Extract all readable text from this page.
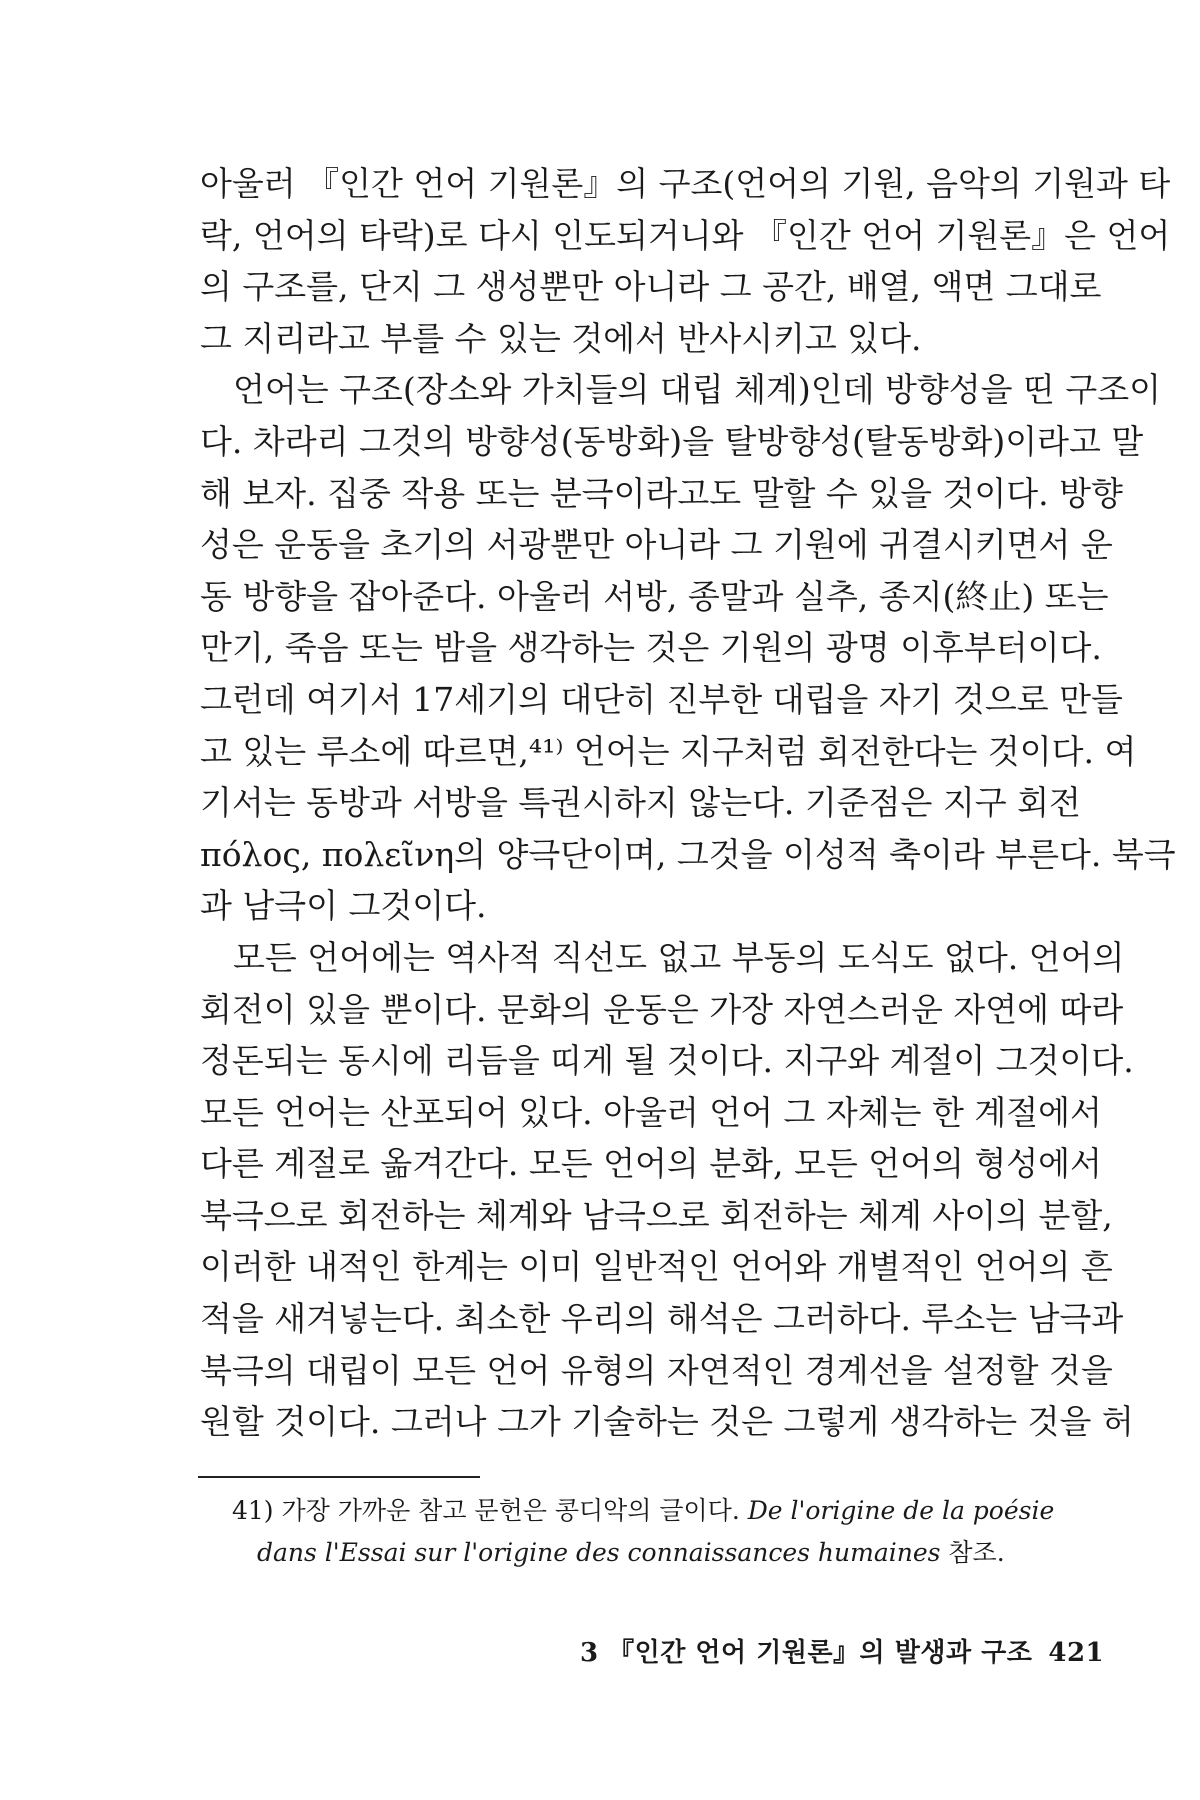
아울러 『인간 언어 기원론』의 구조(언어의 기원, 음악의 기원과 타
락, 언어의 타락)로 다시 인도되거니와 『인간 언어 기원론』은 언어
의 구조를, 단지 그 생성뿐만 아니라 그 공간, 배열, 액면 그대로
그 지리라고 부를 수 있는 것에서 반사시키고 있다.

언어는 구조(장소와 가치들의 대립 체계)인데 방향성을 띤 구조이
다. 차라리 그것의 방향성(동방화)을 탈방향성(탈동방화)이라고 말
해 보자. 집중 작용 또는 분극이라고도 말할 수 있을 것이다. 방향
성은 운동을 초기의 서광뿐만 아니라 그 기원에 귀결시키면서 운
동 방향을 잡아준다. 아울러 서방, 종말과 실추, 종지(終止) 또는
만기, 죽음 또는 밤을 생각하는 것은 기원의 광명 이후부터이다.
그런데 여기서 17세기의 대단히 진부한 대립을 자기 것으로 만들
고 있는 루소에 따르면,⁴¹⁾ 언어는 지구처럼 회전한다는 것이다. 여
기서는 동방과 서방을 특권시하지 않는다. 기준점은 지구 회전
πόλος, πολεῖνη의 양극단이며, 그것을 이성적 축이라 부른다. 북극
과 남극이 그것이다.

모든 언어에는 역사적 직선도 없고 부동의 도식도 없다. 언어의
회전이 있을 뿐이다. 문화의 운동은 가장 자연스러운 자연에 따라
정돈되는 동시에 리듬을 띠게 될 것이다. 지구와 계절이 그것이다.
모든 언어는 산포되어 있다. 아울러 언어 그 자체는 한 계절에서
다른 계절로 옮겨간다. 모든 언어의 분화, 모든 언어의 형성에서
북극으로 회전하는 체계와 남극으로 회전하는 체계 사이의 분할,
이러한 내적인 한계는 이미 일반적인 언어와 개별적인 언어의 흔
적을 새겨넣는다. 최소한 우리의 해석은 그러하다. 루소는 남극과
북극의 대립이 모든 언어 유형의 자연적인 경계선을 설정할 것을
원할 것이다. 그러나 그가 기술하는 것은 그렇게 생각하는 것을 허

41) 가장 가까운 참고 문헌은 콩디악의 글이다. De l'origine de la poésie
dans l'Essai sur l'origine des connaissances humaines 참조.
3 『인간 언어 기원론』의 발생과 구조 421
